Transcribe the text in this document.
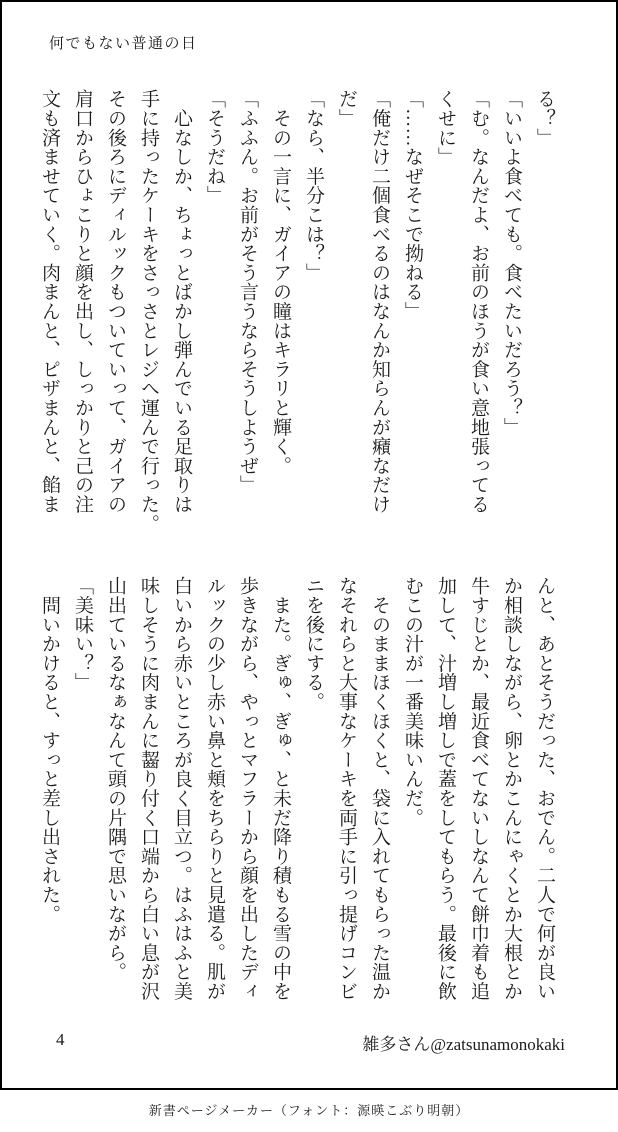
何でもない普通の日
る？」
「いいよ食べても。食べたいだろう？」
「む。なんだよ、お前のほうが食い意地張ってる
くせに」
「……なぜそこで拗ねる」
「俺だけ二個食べるのはなんか知らんが癪なだけ
だ」
「なら、半分こは？」
　その一言に、ガイアの瞳はキラリと輝く。
「ふふん。お前がそう言うならそうしようぜ」
「そうだね」
　心なしか、ちょっとばかし弾んでいる足取りは
手に持ったケーキをさっさとレジへ運んで行った。
その後ろにディルックもついていって、ガイアの
肩口からひょこりと顔を出し、しっかりと己の注
文も済ませていく。肉まんと、ピザまんと、餡ま
んと、あとそうだった、おでん。二人で何が良い
か相談しながら、卵とかこんにゃくとか大根とか
牛すじとか、最近食べてないしなんて餅巾着も追
加して、汁増し増しで蓋をしてもらう。最後に飲
むこの汁が一番美味いんだ。
　そのままほくほくと、袋に入れてもらった温か
なそれらと大事なケーキを両手に引っ提げコンビ
ニを後にする。
　また。ぎゅ、ぎゅ、と未だ降り積もる雪の中を
歩きながら、やっとマフラーから顔を出したディ
ルックの少し赤い鼻と頬をちらりと見遣る。肌が
白いから赤いところが良く目立つ。はふはふと美
味しそうに肉まんに齧り付く口端から白い息が沢
山出ているなぁなんて頭の片隅で思いながら。
「美味い？」
　問いかけると、すっと差し出された。
4	雑多さん@zatsunamonokaki
新書ページメーカー（フォント：源暎こぶり明朝）
